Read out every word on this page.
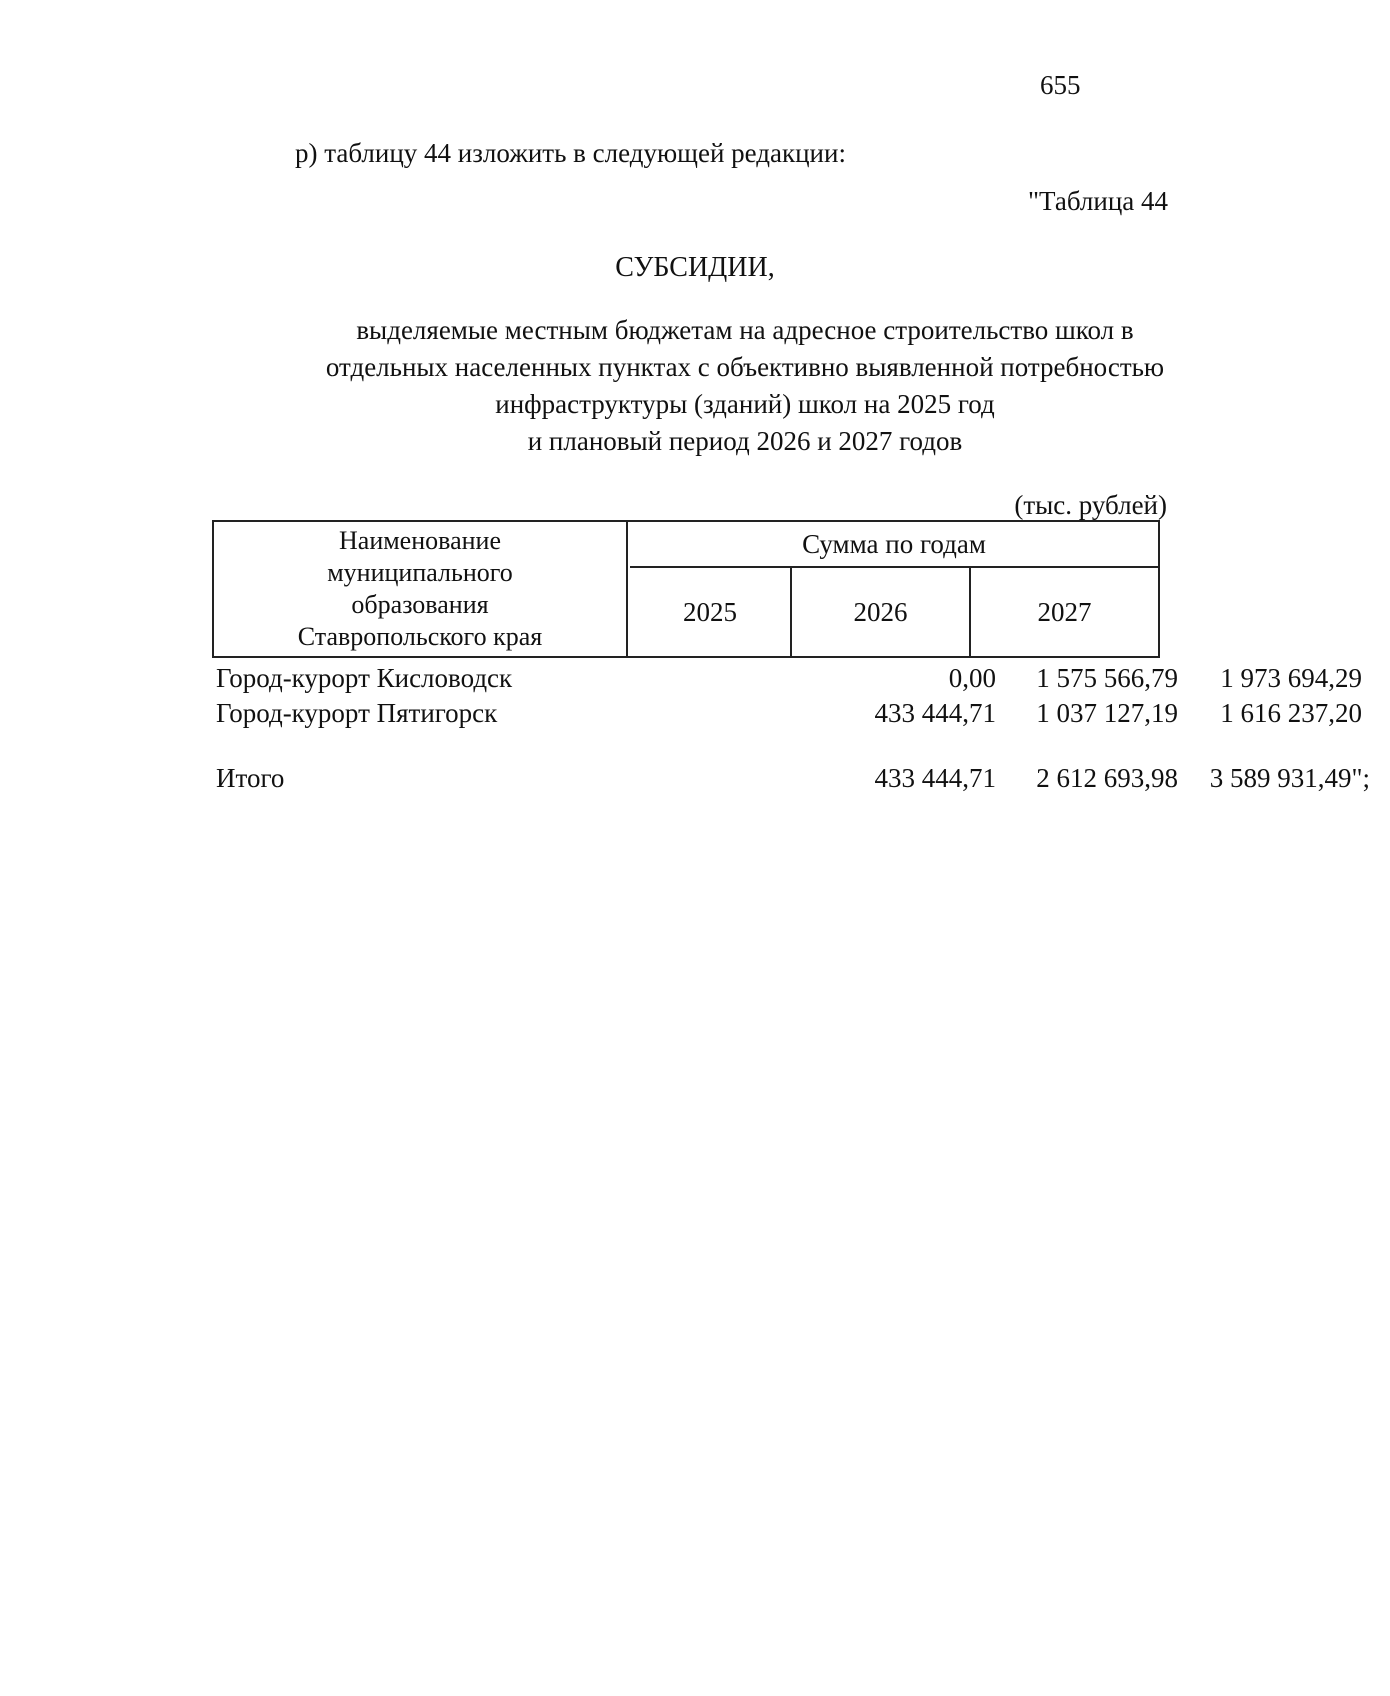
655
р) таблицу 44 изложить в следующей редакции:
"Таблица 44
СУБСИДИИ,
выделяемые местным бюджетам на адресное строительство школ в
отдельных населенных пунктах с объективно выявленной потребностью
инфраструктуры (зданий) школ на 2025 год
и плановый период 2026 и 2027 годов
(тыс. рублей)
Наименование
муниципального
образования
Ставропольского края
Сумма по годам
2025	2026	2027
Город-курорт Кисловодск	0,00	1 575 566,79	1 973 694,29
Город-курорт Пятигорск	433 444,71	1 037 127,19	1 616 237,20
Итого	433 444,71	2 612 693,98	3 589 931,49";
